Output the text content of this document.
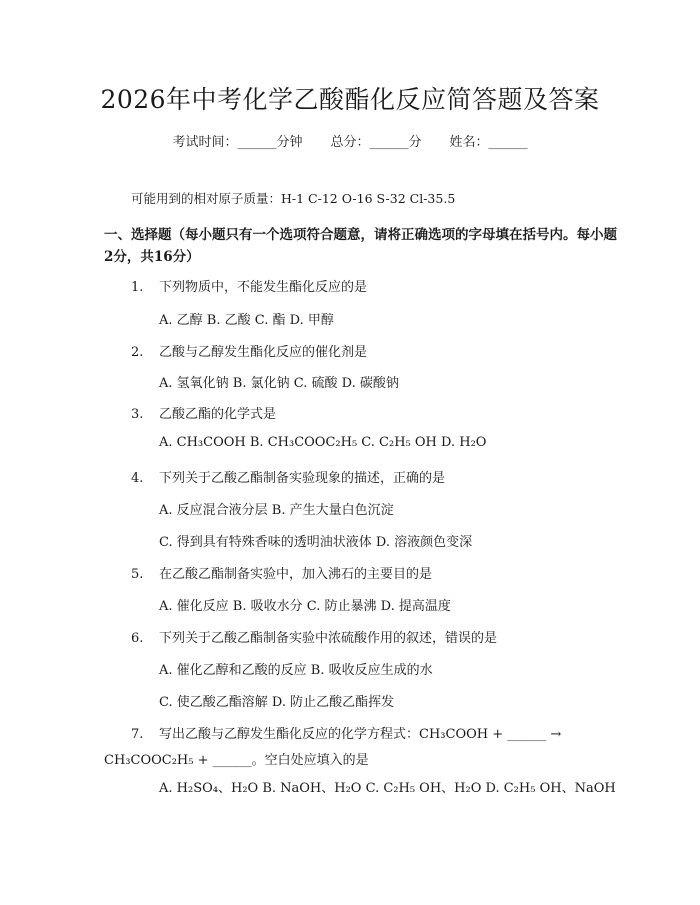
2026年中考化学乙酸酯化反应简答题及答案
考试时间：______分钟 总分：______分 姓名：______
可能用到的相对原子质量：H-1 C-12 O-16 S-32 Cl-35.5
一、选择题（每小题只有一个选项符合题意，请将正确选项的字母填在括号内。每小题2分，共16分）
1. 下列物质中，不能发生酯化反应的是
A. 乙醇 B. 乙酸 C. 酯 D. 甲醇
2. 乙酸与乙醇发生酯化反应的催化剂是
A. 氢氧化钠 B. 氯化钠 C. 硫酸 D. 碳酸钠
3. 乙酸乙酯的化学式是
A. CH₃COOH B. CH₃COOC₂H₅ C. C₂H₅ OH D. H₂O
4. 下列关于乙酸乙酯制备实验现象的描述，正确的是
A. 反应混合液分层 B. 产生大量白色沉淀
C. 得到具有特殊香味的透明油状液体 D. 溶液颜色变深
5. 在乙酸乙酯制备实验中，加入沸石的主要目的是
A. 催化反应 B. 吸收水分 C. 防止暴沸 D. 提高温度
6. 下列关于乙酸乙酯制备实验中浓硫酸作用的叙述，错误的是
A. 催化乙醇和乙酸的反应 B. 吸收反应生成的水
C. 使乙酸乙酯溶解 D. 防止乙酸乙酯挥发
7. 写出乙酸与乙醇发生酯化反应的化学方程式：CH₃COOH + ______ →
CH₃COOC₂H₅ + ______。空白处应填入的是
A. H₂SO₄、H₂O B. NaOH、H₂O C. C₂H₅ OH、H₂O D. C₂H₅ OH、NaOH
